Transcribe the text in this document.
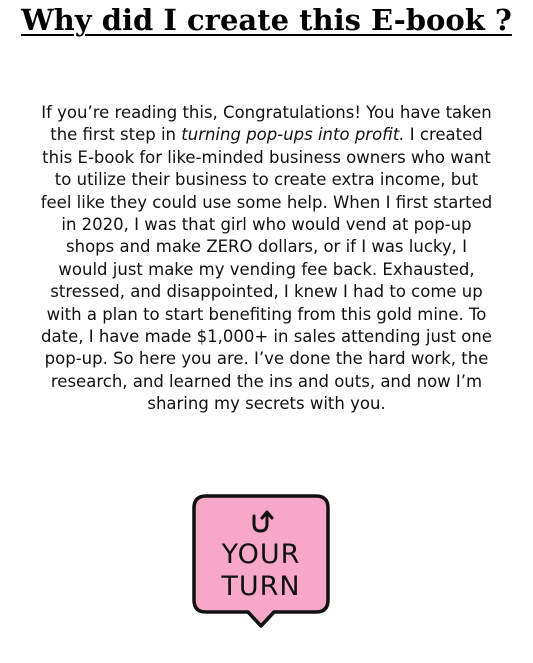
Why did I create this E-book ?

If you’re reading this, Congratulations! You have taken the first step in turning pop-ups into profit. I created this E-book for like-minded business owners who want to utilize their business to create extra income, but feel like they could use some help. When I first started in 2020, I was that girl who would vend at pop-up shops and make ZERO dollars, or if I was lucky, I would just make my vending fee back. Exhausted, stressed, and disappointed, I knew I had to come up with a plan to start benefiting from this gold mine. To date, I have made $1,000+ in sales attending just one pop-up. So here you are. I’ve done the hard work, the research, and learned the ins and outs, and now I’m sharing my secrets with you.

YOUR
TURN
